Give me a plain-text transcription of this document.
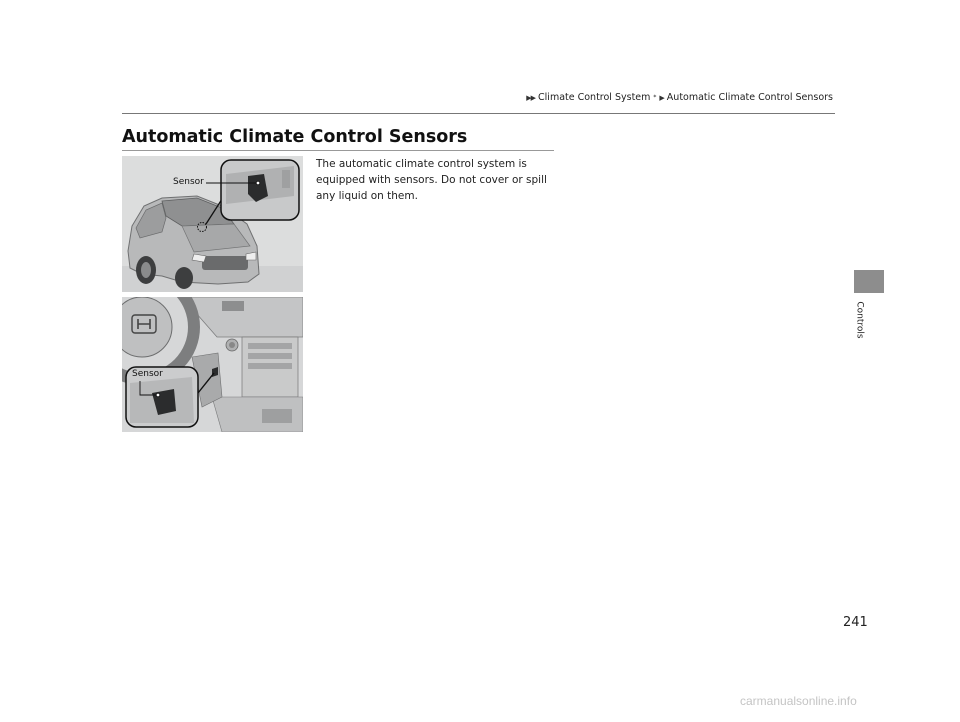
▶▶ Climate Control System * ▶ Automatic Climate Control Sensors
Automatic Climate Control Sensors

The automatic climate control system is equipped with sensors. Do not cover or spill any liquid on them.

Sensor
Sensor
Controls
241
carmanualsonline.info
